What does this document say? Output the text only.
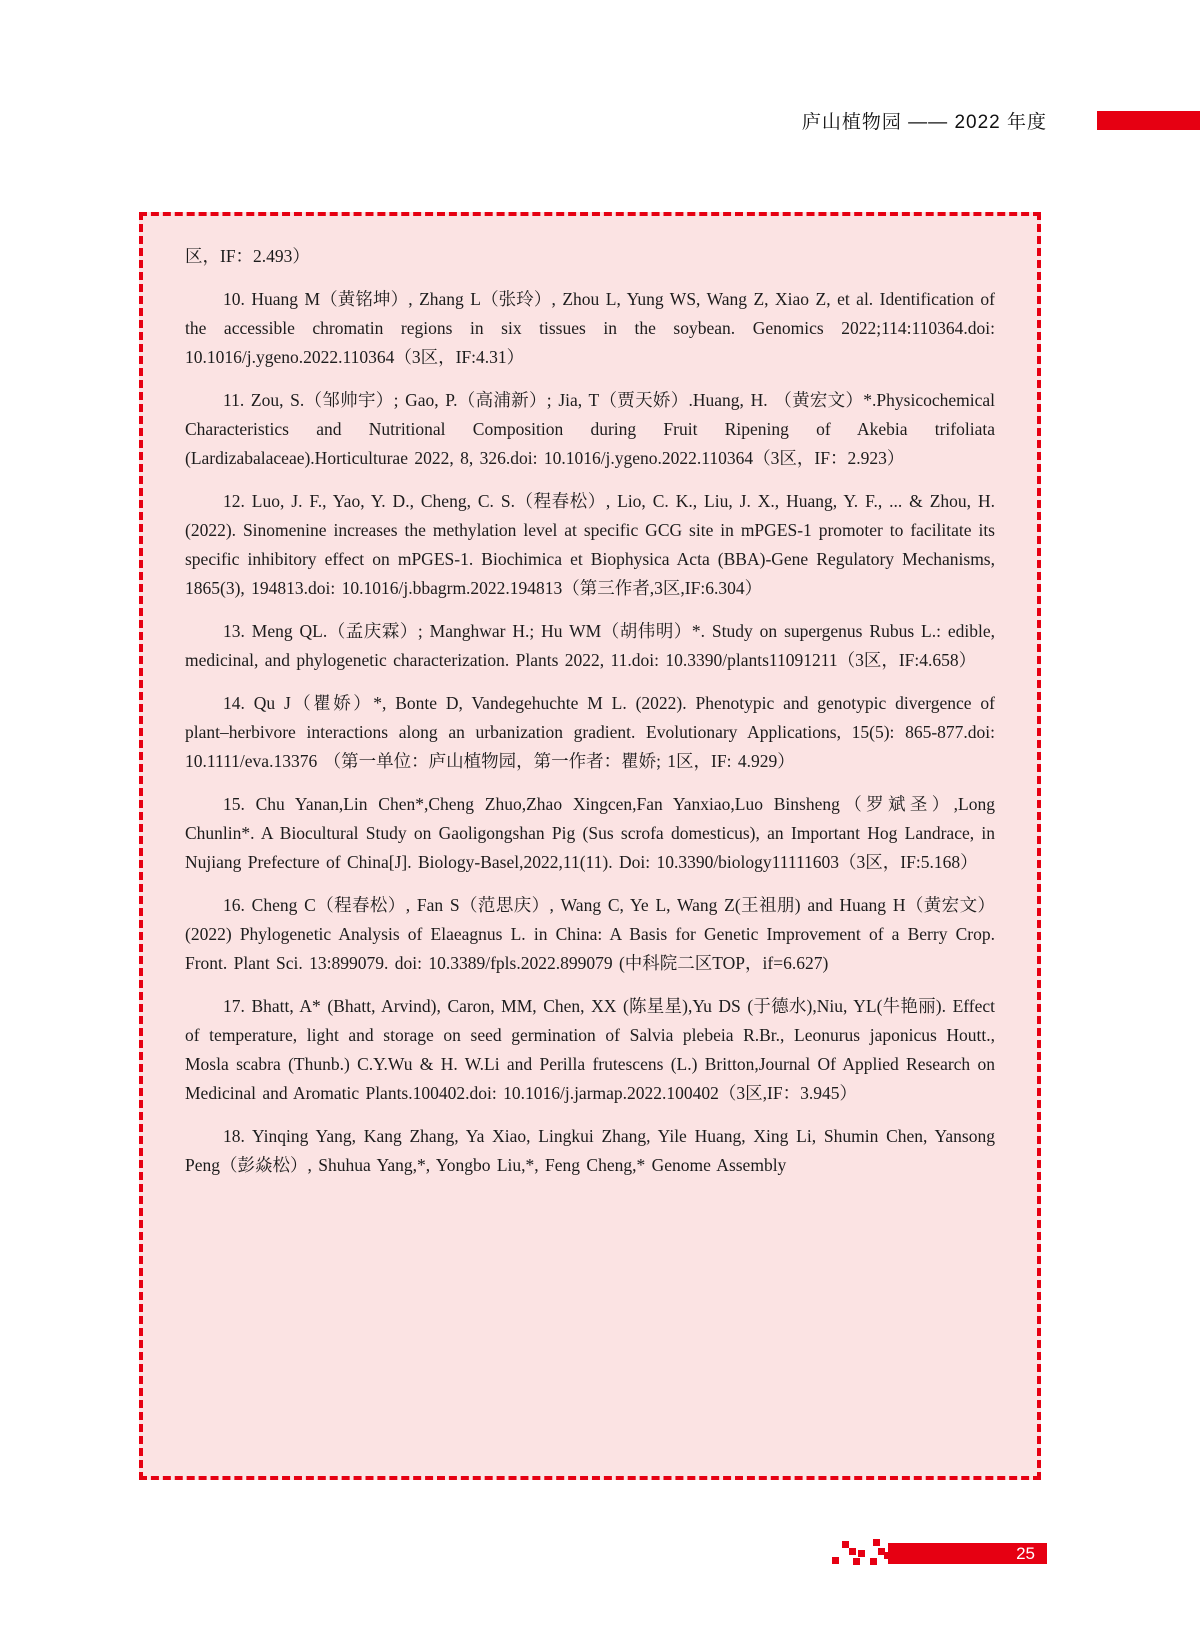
庐山植物园 —— 2022 年度

区，IF：2.493）

10. Huang M（黄铭坤）, Zhang L（张玲）, Zhou L, Yung WS, Wang Z, Xiao Z, et al. Identification of the accessible chromatin regions in six tissues in the soybean. Genomics 2022;114:110364.doi: 10.1016/j.ygeno.2022.110364（3区，IF:4.31）

11. Zou, S.（邹帅宇）; Gao, P.（高浦新）; Jia, T（贾天娇）.Huang, H. （黄宏文）*.Physicochemical Characteristics and Nutritional Composition during Fruit Ripening of Akebia trifoliata (Lardizabalaceae).Horticulturae 2022, 8, 326.doi: 10.1016/j.ygeno.2022.110364（3区，IF：2.923）

12. Luo, J. F., Yao, Y. D., Cheng, C. S.（程春松）, Lio, C. K., Liu, J. X., Huang, Y. F., ... & Zhou, H. (2022). Sinomenine increases the methylation level at specific GCG site in mPGES-1 promoter to facilitate its specific inhibitory effect on mPGES-1. Biochimica et Biophysica Acta (BBA)-Gene Regulatory Mechanisms, 1865(3), 194813.doi: 10.1016/j.bbagrm.2022.194813（第三作者,3区,IF:6.304）

13. Meng QL.（孟庆霖）; Manghwar H.; Hu WM（胡伟明）*. Study on supergenus Rubus L.: edible, medicinal, and phylogenetic characterization. Plants 2022, 11.doi: 10.3390/plants11091211（3区，IF:4.658）

14. Qu J（瞿娇）*, Bonte D, Vandegehuchte M L. (2022). Phenotypic and genotypic divergence of plant–herbivore interactions along an urbanization gradient. Evolutionary Applications, 15(5): 865-877.doi: 10.1111/eva.13376 （第一单位：庐山植物园，第一作者：瞿娇; 1区，IF: 4.929）

15. Chu Yanan,Lin Chen*,Cheng Zhuo,Zhao Xingcen,Fan Yanxiao,Luo Binsheng（罗斌圣）,Long Chunlin*. A Biocultural Study on Gaoligongshan Pig (Sus scrofa domesticus), an Important Hog Landrace, in Nujiang Prefecture of China[J]. Biology-Basel,2022,11(11). Doi: 10.3390/biology11111603（3区，IF:5.168）

16. Cheng C（程春松）, Fan S（范思庆）, Wang C, Ye L, Wang Z(王祖朋) and Huang H（黄宏文）(2022) Phylogenetic Analysis of Elaeagnus L. in China: A Basis for Genetic Improvement of a Berry Crop. Front. Plant Sci. 13:899079. doi: 10.3389/fpls.2022.899079 (中科院二区TOP，if=6.627)

17. Bhatt, A* (Bhatt, Arvind), Caron, MM, Chen, XX (陈星星),Yu DS (于德水),Niu, YL(牛艳丽). Effect of temperature, light and storage on seed germination of Salvia plebeia R.Br., Leonurus japonicus Houtt., Mosla scabra (Thunb.) C.Y.Wu & H. W.Li and Perilla frutescens (L.) Britton,Journal Of Applied Research on Medicinal and Aromatic Plants.100402.doi: 10.1016/j.jarmap.2022.100402（3区,IF：3.945）

18. Yinqing Yang, Kang Zhang, Ya Xiao, Lingkui Zhang, Yile Huang, Xing Li, Shumin Chen, Yansong Peng（彭焱松）, Shuhua Yang,*, Yongbo Liu,*, Feng Cheng,* Genome Assembly

25
